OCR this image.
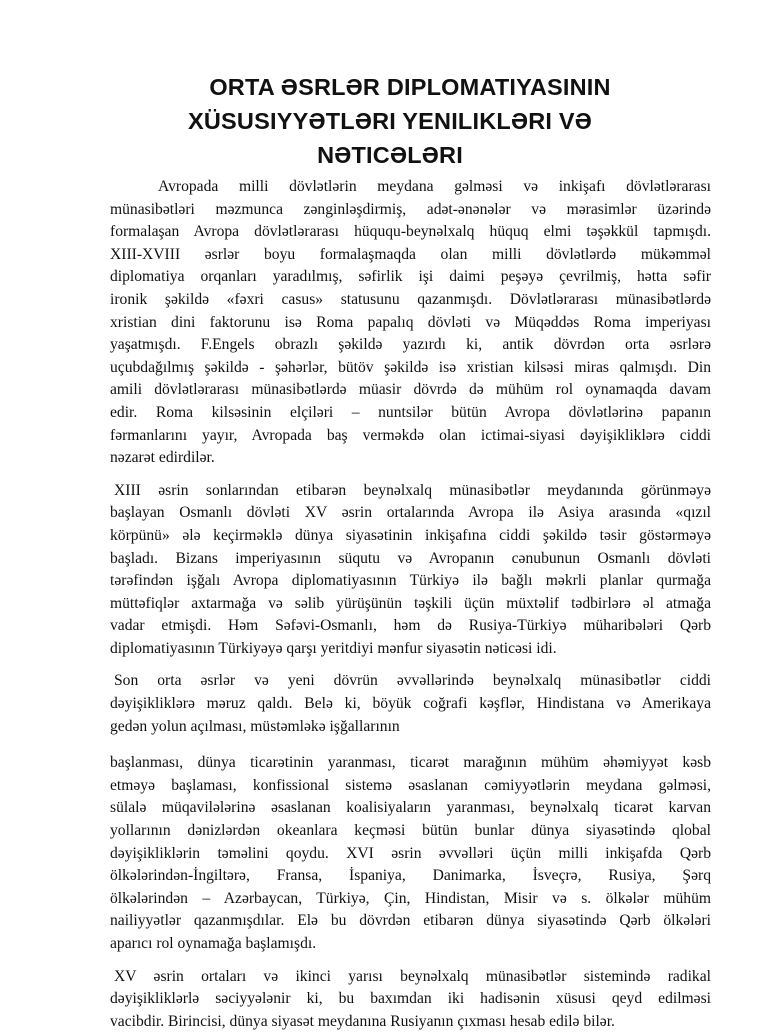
ORTA ƏSRLƏR DIPLOMATIYASININ
XÜSUSIYYƏTLƏRI YENILIKLƏRI VƏ
NƏTICƏLƏRI

Avropada milli dövlətlərin meydana gəlməsi və inkişafı dövlətlərarası
münasibətləri məzmunca zənginləşdirmiş, adət-ənənələr və mərasimlər üzərində
formalaşan Avropa dövlətlərarası hüququ-beynəlxalq hüquq elmi təşəkkül tapmışdı.
XIII-XVIII əsrlər boyu formalaşmaqda olan milli dövlətlərdə mükəmməl
diplomatiya orqanları yaradılmış, səfirlik işi daimi peşəyə çevrilmiş, hətta səfir
ironik şəkildə «fəxri casus» statusunu qazanmışdı. Dövlətlərarası münasibətlərdə
xristian dini faktorunu isə Roma papalıq dövləti və Müqəddəs Roma imperiyası
yaşatmışdı. F.Engels obrazlı şəkildə yazırdı ki, antik dövrdən orta əsrlərə
uçubdağılmış şəkildə - şəhərlər, bütöv şəkildə isə xristian kilsəsi miras qalmışdı. Din
amili dövlətlərarası münasibətlərdə müasir dövrdə də mühüm rol oynamaqda davam
edir. Roma kilsəsinin elçiləri – nuntsilər bütün Avropa dövlətlərinə papanın
fərmanlarını yayır, Avropada baş verməkdə olan ictimai-siyasi dəyişikliklərə ciddi
nəzarət edirdilər.

XIII əsrin sonlarından etibarən beynəlxalq münasibətlər meydanında görünməyə
başlayan Osmanlı dövləti XV əsrin ortalarında Avropa ilə Asiya arasında «qızıl
körpünü» ələ keçirməklə dünya siyasətinin inkişafına ciddi şəkildə təsir göstərməyə
başladı. Bizans imperiyasının süqutu və Avropanın cənubunun Osmanlı dövləti
tərəfindən işğalı Avropa diplomatiyasının Türkiyə ilə bağlı məkrli planlar qurmağa
müttəfiqlər axtarmağa və səlib yürüşünün təşkili üçün müxtəlif tədbirlərə əl atmağa
vadar etmişdi. Həm Səfəvi-Osmanlı, həm də Rusiya-Türkiyə müharibələri Qərb
diplomatiyasının Türkiyəyə qarşı yeritdiyi mənfur siyasətin nəticəsi idi.

Son orta əsrlər və yeni dövrün əvvəllərində beynəlxalq münasibətlər ciddi
dəyişikliklərə məruz qaldı. Belə ki, böyük coğrafi kəşflər, Hindistana və Amerikaya
gedən yolun açılması, müstəmləkə işğallarının

başlanması, dünya ticarətinin yaranması, ticarət marağının mühüm əhəmiyyət kəsb
etməyə başlaması, konfissional sistemə əsaslanan cəmiyyətlərin meydana gəlməsi,
sülalə müqavilələrinə əsaslanan koalisiyaların yaranması, beynəlxalq ticarət karvan
yollarının dənizlərdən okeanlara keçməsi bütün bunlar dünya siyasətində qlobal
dəyişikliklərin təməlini qoydu. XVI əsrin əvvəlləri üçün milli inkişafda Qərb
ölkələrindən-İngiltərə, Fransa, İspaniya, Danimarka, İsveçrə, Rusiya, Şərq
ölkələrindən – Azərbaycan, Türkiyə, Çin, Hindistan, Misir və s. ölkələr mühüm
nailiyyətlər qazanmışdılar. Elə bu dövrdən etibarən dünya siyasətində Qərb ölkələri
aparıcı rol oynamağa başlamışdı.

XV əsrin ortaları və ikinci yarısı beynəlxalq münasibətlər sistemində radikal
dəyişikliklərlə səciyyələnir ki, bu baxımdan iki hadisənin xüsusi qeyd edilməsi
vacibdir. Birincisi, dünya siyasət meydanına Rusiyanın çıxması hesab edilə bilər.
